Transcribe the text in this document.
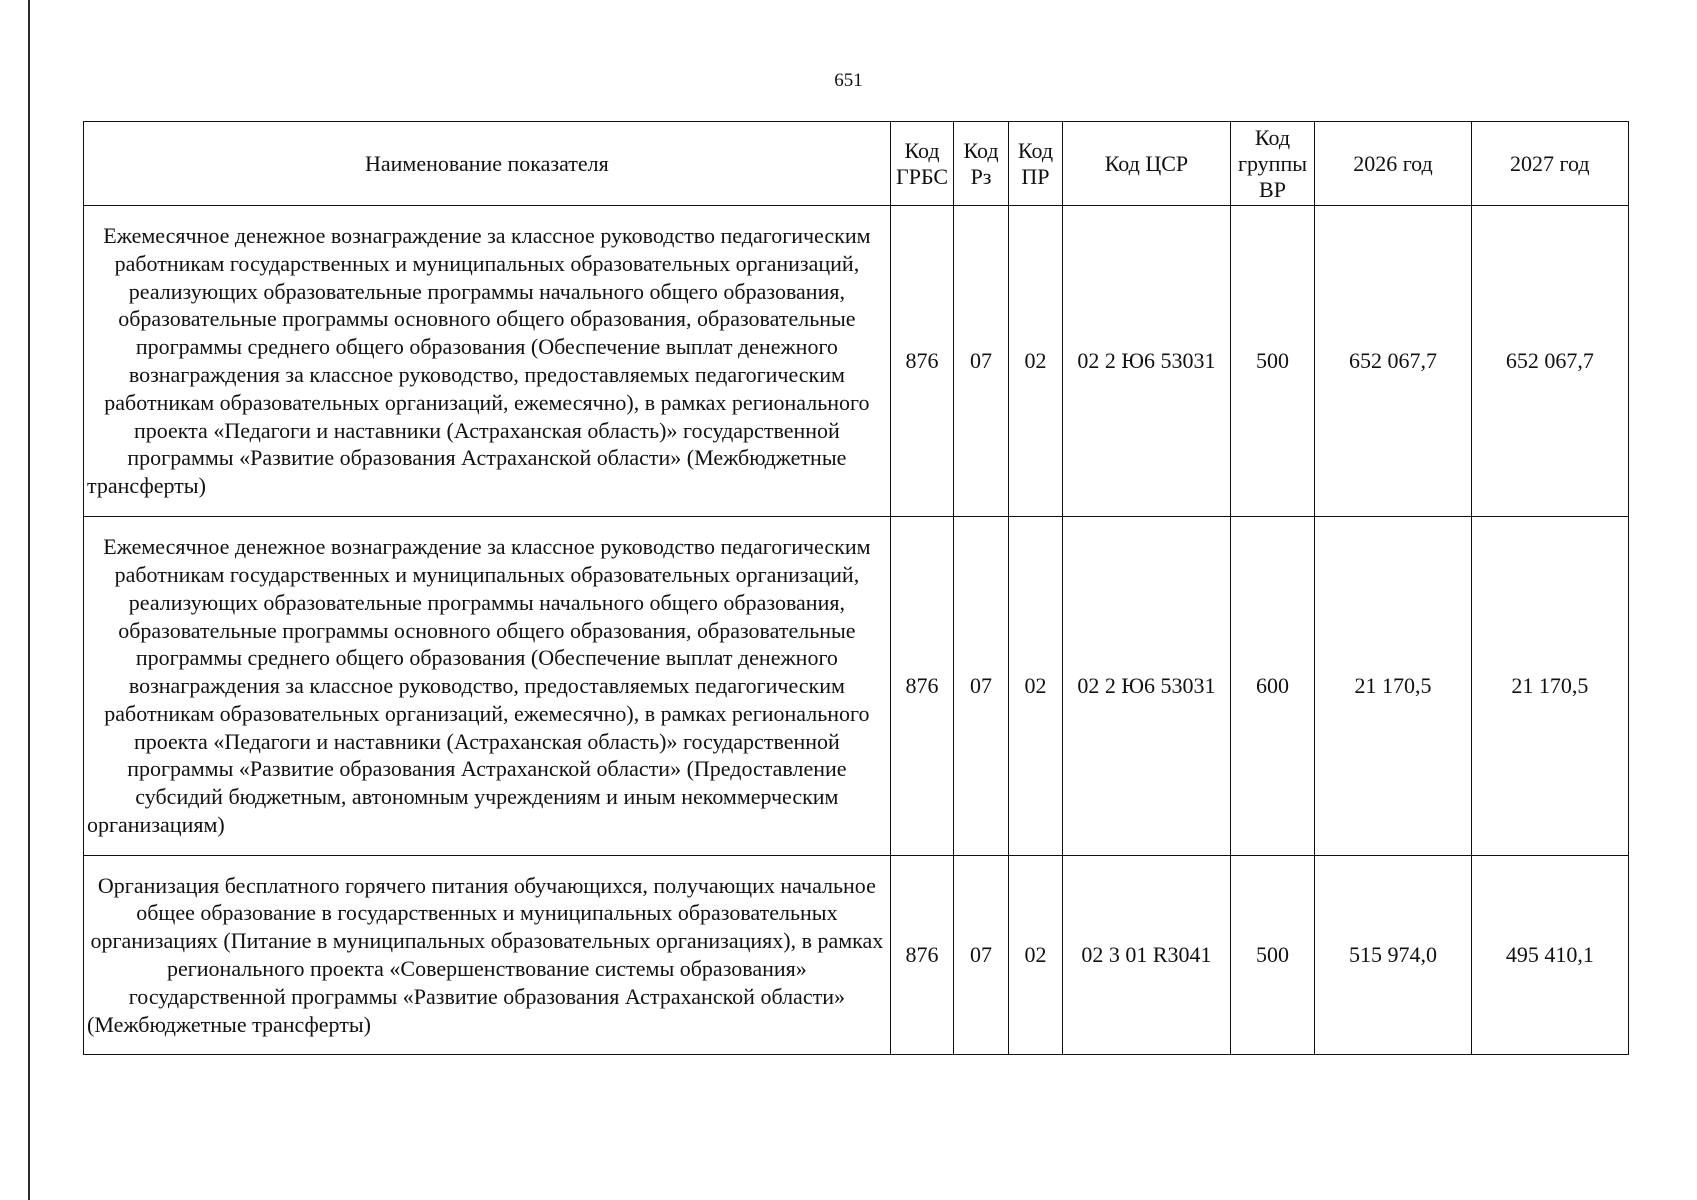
651
Наименование показателя	Код ГРБС	Код Рз	Код ПР	Код ЦСР	Код группы ВР	2026 год	2027 год
Ежемесячное денежное вознаграждение за классное руководство педагогическим работникам государственных и муниципальных образовательных организаций, реализующих образовательные программы начального общего образования, образовательные программы основного общего образования, образовательные программы среднего общего образования (Обеспечение выплат денежного вознаграждения за классное руководство, предоставляемых педагогическим работникам образовательных организаций, ежемесячно), в рамках регионального проекта «Педагоги и наставники (Астраханская область)» государственной программы «Развитие образования Астраханской области» (Межбюджетные трансферты)	876	07	02	02 2 Ю6 53031	500	652 067,7	652 067,7
Ежемесячное денежное вознаграждение за классное руководство педагогическим работникам государственных и муниципальных образовательных организаций, реализующих образовательные программы начального общего образования, образовательные программы основного общего образования, образовательные программы среднего общего образования (Обеспечение выплат денежного вознаграждения за классное руководство, предоставляемых педагогическим работникам образовательных организаций, ежемесячно), в рамках регионального проекта «Педагоги и наставники (Астраханская область)» государственной программы «Развитие образования Астраханской области» (Предоставление субсидий бюджетным, автономным учреждениям и иным некоммерческим организациям)	876	07	02	02 2 Ю6 53031	600	21 170,5	21 170,5
Организация бесплатного горячего питания обучающихся, получающих начальное общее образование в государственных и муниципальных образовательных организациях (Питание в муниципальных образовательных организациях), в рамках регионального проекта «Совершенствование системы образования» государственной программы «Развитие образования Астраханской области» (Межбюджетные трансферты)	876	07	02	02 3 01 R3041	500	515 974,0	495 410,1
